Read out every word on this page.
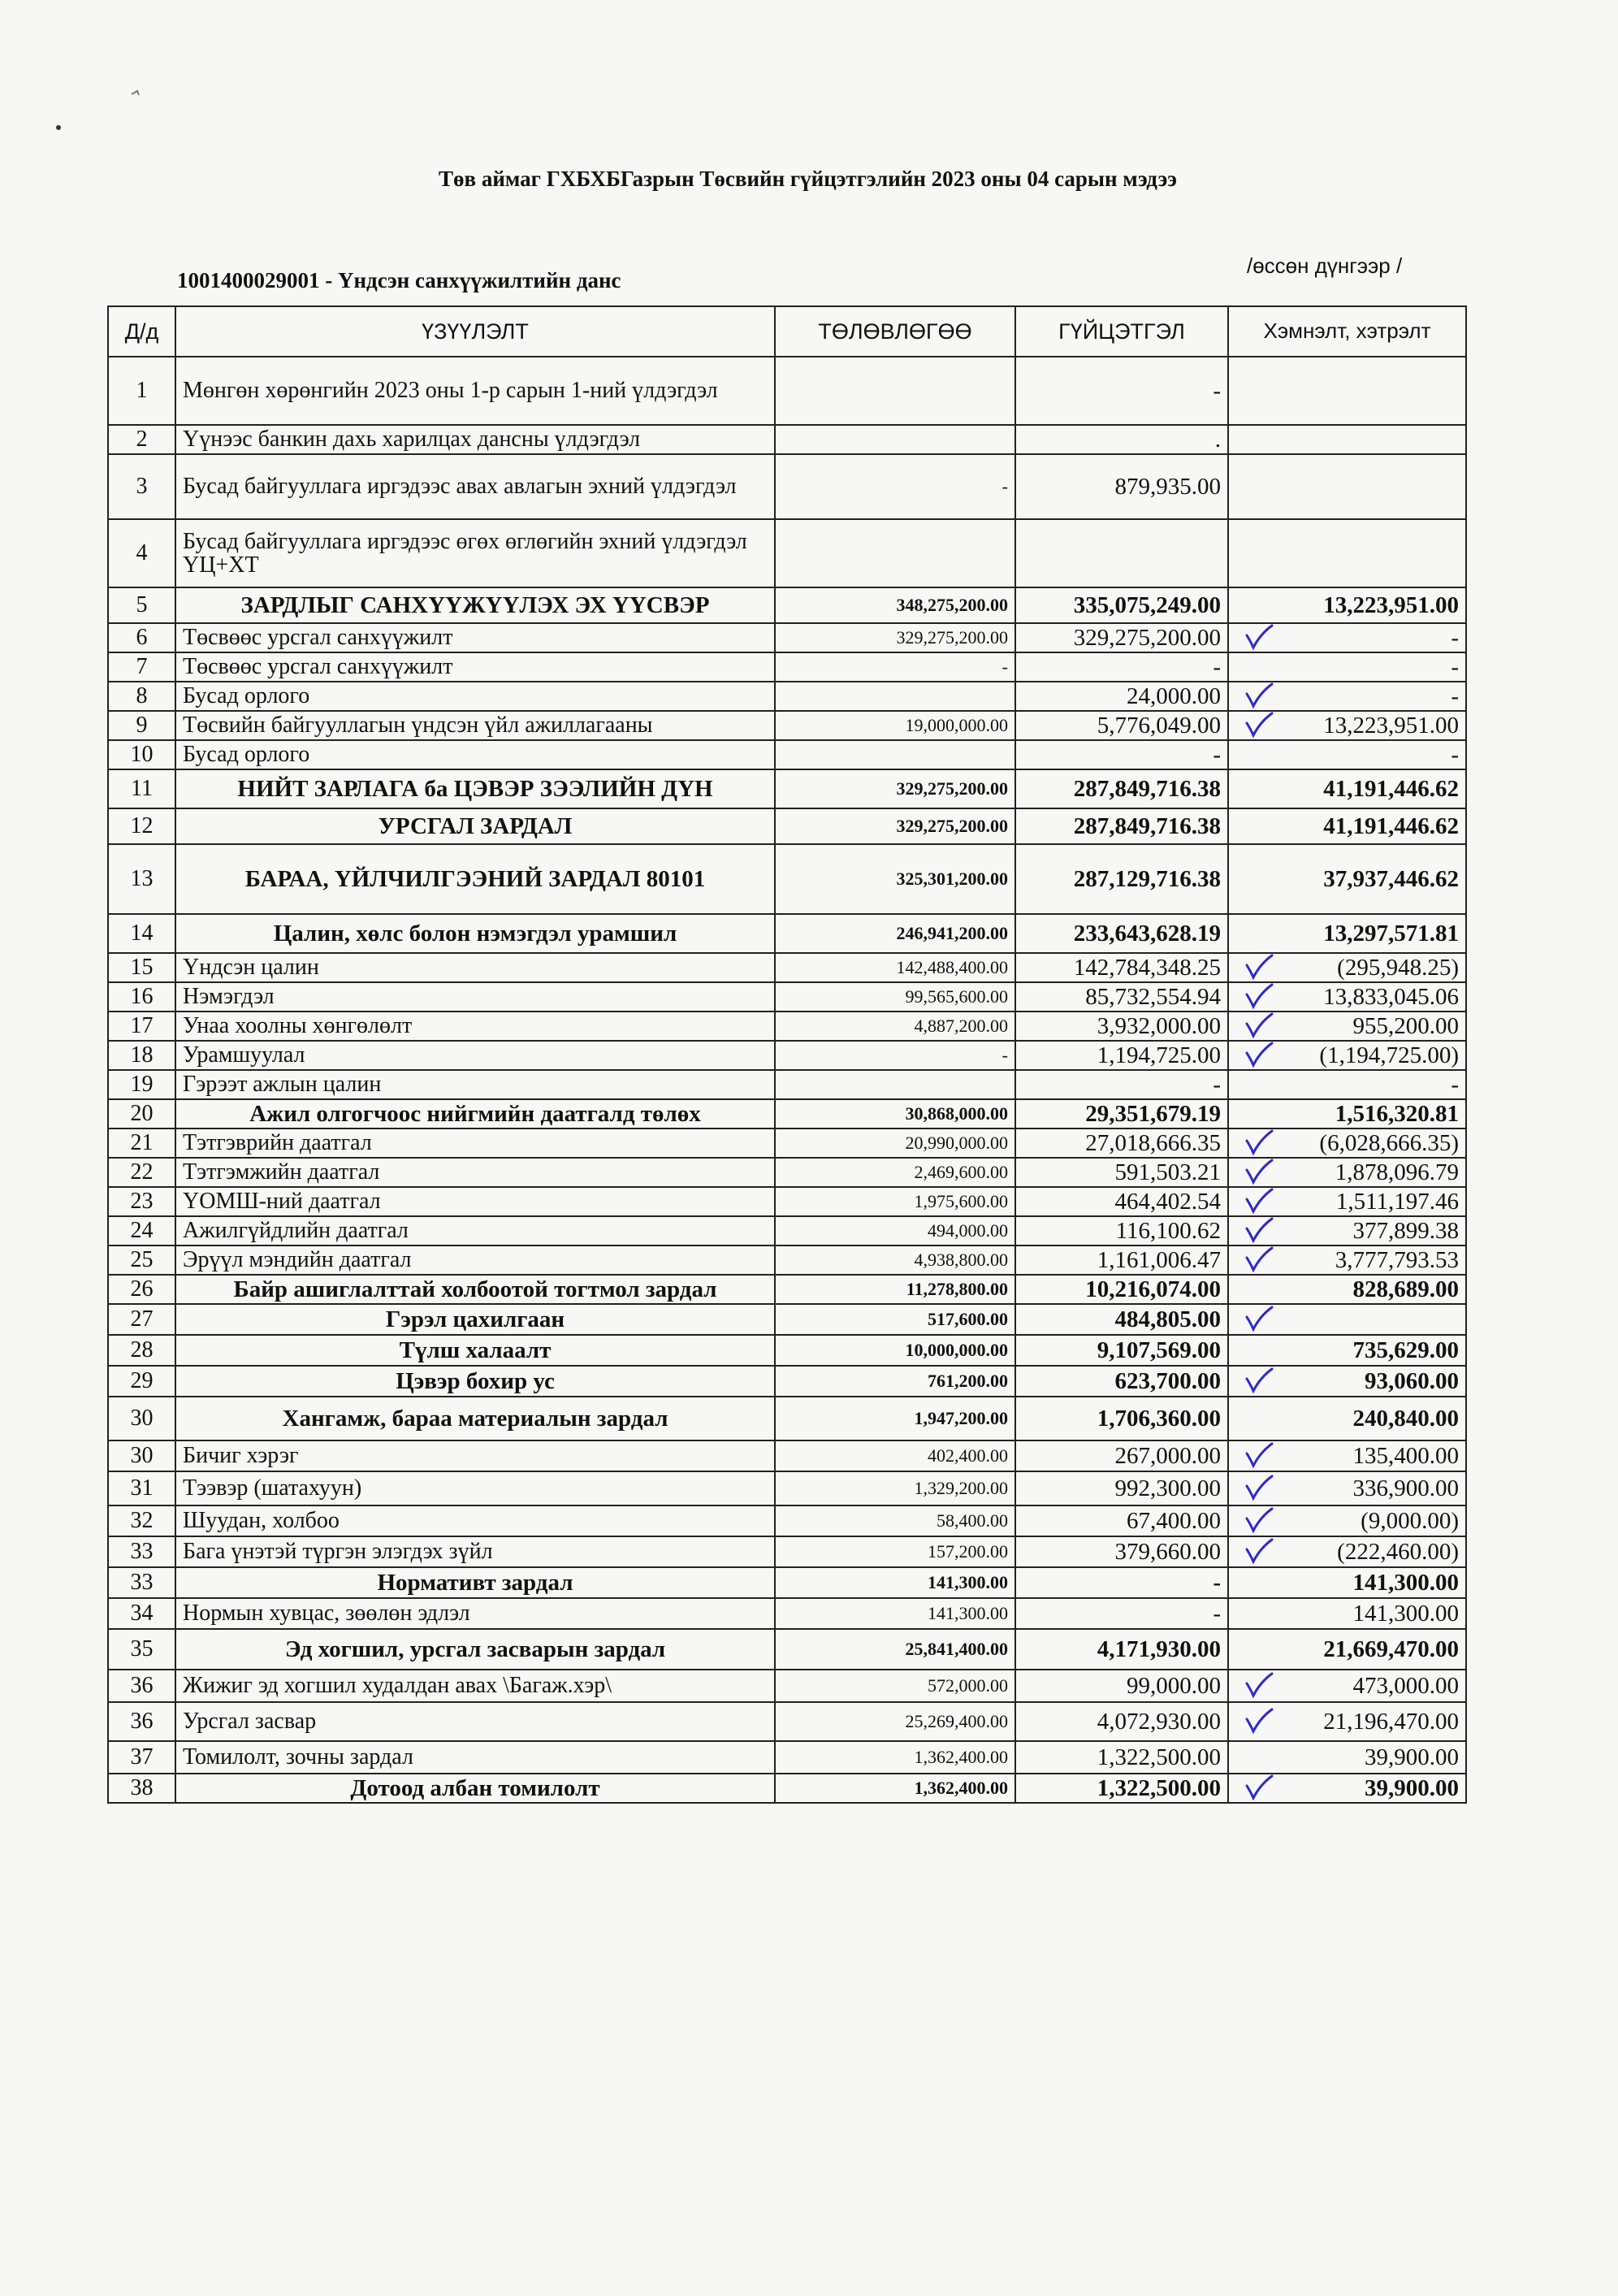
Төв аймаг ГХБХБГазрын Төсвийн гүйцэтгэлийн 2023 оны 04 сарын мэдээ
/өссөн дүнгээр /
1001400029001 - Үндсэн санхүүжилтийн данс
Д/д	ҮЗҮҮЛЭЛТ	ТӨЛӨВЛӨГӨӨ	ГҮЙЦЭТГЭЛ	Хэмнэлт, хэтрэлт
1	Мөнгөн хөрөнгийн 2023 оны 1-р сарын 1-ний үлдэгдэл		-	
2	Үүнээс банкин дахь харилцах дансны үлдэгдэл		.	
3	Бусад байгууллага иргэдээс авах авлагын эхний үлдэгдэл	-	879,935.00	
4	Бусад байгууллага иргэдээс өгөх өглөгийн эхний үлдэгдэл ҮЦ+ХТ			
5	ЗАРДЛЫГ САНХҮҮЖҮҮЛЭХ ЭХ ҮҮСВЭР	348,275,200.00	335,075,249.00	13,223,951.00
6	Төсвөөс урсгал санхүүжилт	329,275,200.00	329,275,200.00	-
7	Төсвөөс урсгал санхүүжилт	-	-	-
8	Бусад орлого		24,000.00	-
9	Төсвийн байгууллагын үндсэн үйл ажиллагааны	19,000,000.00	5,776,049.00	13,223,951.00
10	Бусад орлого		-	-
11	НИЙТ ЗАРЛАГА ба ЦЭВЭР ЗЭЭЛИЙН ДҮН	329,275,200.00	287,849,716.38	41,191,446.62
12	УРСГАЛ ЗАРДАЛ	329,275,200.00	287,849,716.38	41,191,446.62
13	БАРАА, ҮЙЛЧИЛГЭЭНИЙ ЗАРДАЛ 80101	325,301,200.00	287,129,716.38	37,937,446.62
14	Цалин, хөлс болон нэмэгдэл урамшил	246,941,200.00	233,643,628.19	13,297,571.81
15	Үндсэн цалин	142,488,400.00	142,784,348.25	(295,948.25)
16	Нэмэгдэл	99,565,600.00	85,732,554.94	13,833,045.06
17	Унаа хоолны хөнгөлөлт	4,887,200.00	3,932,000.00	955,200.00
18	Урамшуулал	-	1,194,725.00	(1,194,725.00)
19	Гэрээт ажлын цалин		-	-
20	Ажил олгогчоос нийгмийн даатгалд төлөх	30,868,000.00	29,351,679.19	1,516,320.81
21	Тэтгэврийн даатгал	20,990,000.00	27,018,666.35	(6,028,666.35)
22	Тэтгэмжийн даатгал	2,469,600.00	591,503.21	1,878,096.79
23	ҮОМШ-ний даатгал	1,975,600.00	464,402.54	1,511,197.46
24	Ажилгүйдлийн даатгал	494,000.00	116,100.62	377,899.38
25	Эрүүл мэндийн даатгал	4,938,800.00	1,161,006.47	3,777,793.53
26	Байр ашиглалттай холбоотой тогтмол зардал	11,278,800.00	10,216,074.00	828,689.00
27	Гэрэл цахилгаан	517,600.00	484,805.00	
28	Түлш халаалт	10,000,000.00	9,107,569.00	735,629.00
29	Цэвэр бохир ус	761,200.00	623,700.00	93,060.00
30	Хангамж, бараа материалын зардал	1,947,200.00	1,706,360.00	240,840.00
30	Бичиг хэрэг	402,400.00	267,000.00	135,400.00
31	Тээвэр (шатахуун)	1,329,200.00	992,300.00	336,900.00
32	Шуудан, холбоо	58,400.00	67,400.00	(9,000.00)
33	Бага үнэтэй түргэн элэгдэх зүйл	157,200.00	379,660.00	(222,460.00)
33	Нормативт зардал	141,300.00	-	141,300.00
34	Нормын хувцас, зөөлөн эдлэл	141,300.00	-	141,300.00
35	Эд хогшил, урсгал засварын зардал	25,841,400.00	4,171,930.00	21,669,470.00
36	Жижиг эд хогшил худалдан авах \Багаж.хэр\	572,000.00	99,000.00	473,000.00
36	Урсгал засвар	25,269,400.00	4,072,930.00	21,196,470.00
37	Томилолт, зочны зардал	1,362,400.00	1,322,500.00	39,900.00
38	Дотоод албан томилолт	1,362,400.00	1,322,500.00	39,900.00
